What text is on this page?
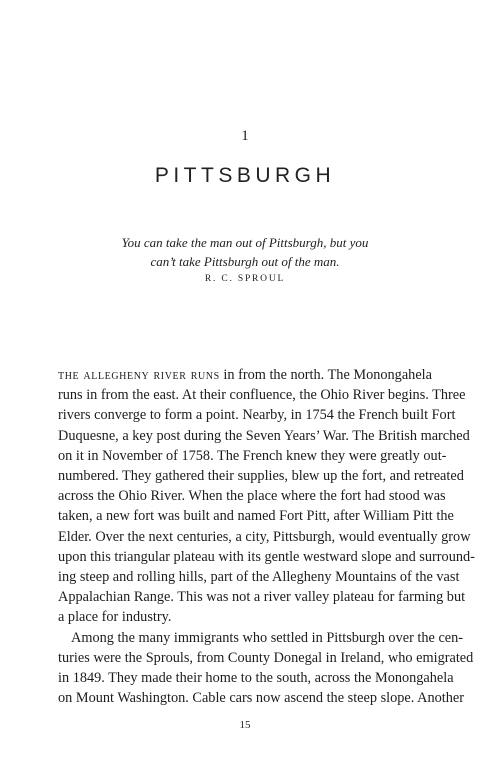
1
PITTSBURGH

You can take the man out of Pittsburgh, but you
can’t take Pittsburgh out of the man.

R. C. SPROUL
the allegheny river runs in from the north. The Monongahela
runs in from the east. At their confluence, the Ohio River begins. Three
rivers converge to form a point. Nearby, in 1754 the French built Fort
Duquesne, a key post during the Seven Years’ War. The British marched
on it in November of 1758. The French knew they were greatly out-
numbered. They gathered their supplies, blew up the fort, and retreated
across the Ohio River. When the place where the fort had stood was
taken, a new fort was built and named Fort Pitt, after William Pitt the
Elder. Over the next centuries, a city, Pittsburgh, would eventually grow
upon this triangular plateau with its gentle westward slope and surround-
ing steep and rolling hills, part of the Allegheny Mountains of the vast
Appalachian Range. This was not a river valley plateau for farming but
a place for industry.
Among the many immigrants who settled in Pittsburgh over the cen-
turies were the Sprouls, from County Donegal in Ireland, who emigrated
in 1849. They made their home to the south, across the Monongahela
on Mount Washington. Cable cars now ascend the steep slope. Another
15
